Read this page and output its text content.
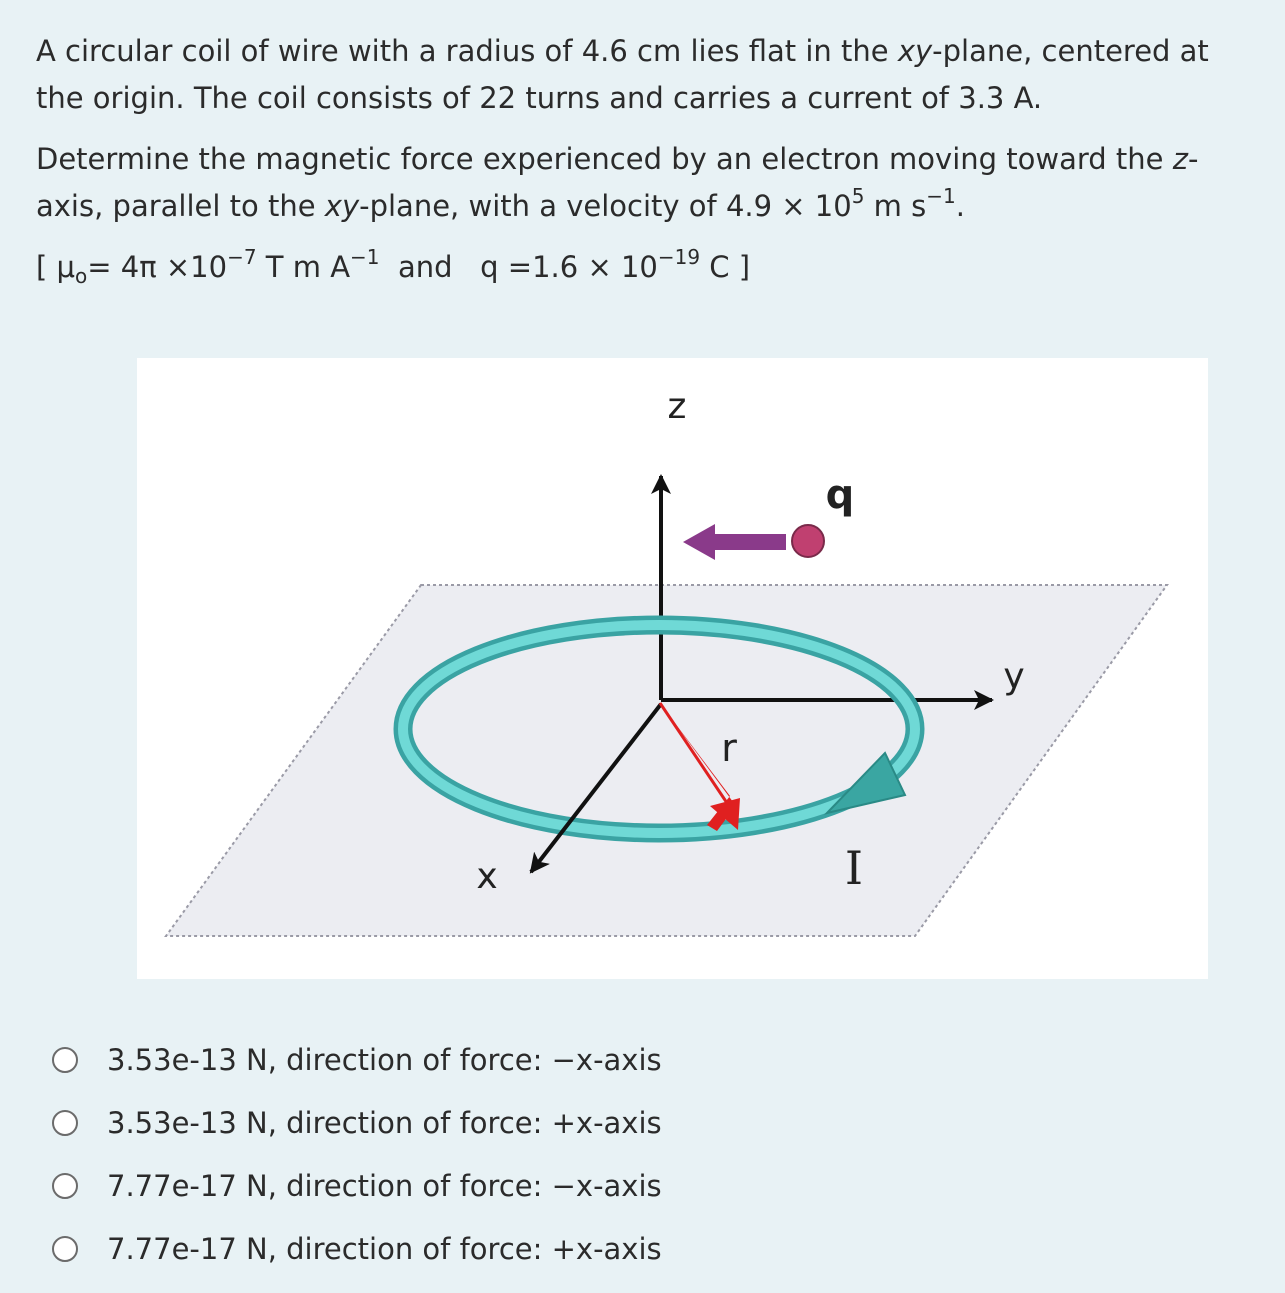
A circular coil of wire with a radius of 4.6 cm lies flat in the xy-plane, centered at the origin. The coil consists of 22 turns and carries a current of 3.3 A.

Determine the magnetic force experienced by an electron moving toward the z-axis, parallel to the xy-plane, with a velocity of $4.9 \times 10^5$ m $s^{-1}$.

[ $\mu_o= 4\pi \times 10^{-7}$ T m $A^{-1}$  and   $q =1.6 \times 10^{-19}$ C ]

z
q
y
r
x	I
3.53e-13 N, direction of force: −x-axis
3.53e-13 N, direction of force: +x-axis
7.77e-17 N, direction of force: −x-axis
7.77e-17 N, direction of force: +x-axis
